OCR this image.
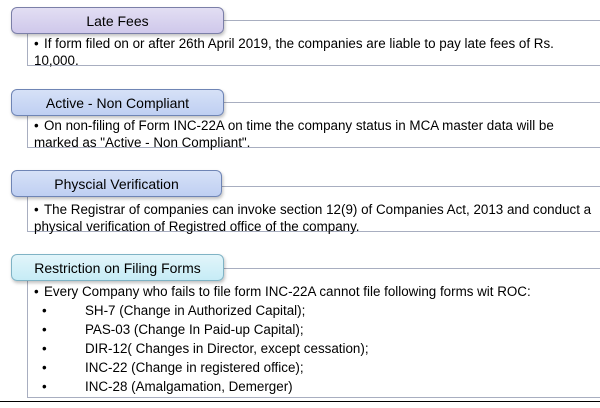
• If form filed on or after 26th April 2019, the companies are liable to pay late fees of Rs. 10,000.
Late Fees
• On non-filing of Form INC-22A on time the company status in MCA master data will be marked as "Active - Non Compliant".
Active - Non Compliant
• The Registrar of companies can invoke section 12(9) of Companies Act, 2013 and conduct a physical verification of Registred office of the company.
Physcial Verification
• Every Company who fails to file form INC-22A cannot file following forms wit ROC:
Restriction on Filing Forms
•	SH-7 (Change in Authorized Capital);
•	PAS-03 (Change In Paid-up Capital);
•	DIR-12( Changes in Director, except cessation);
•	INC-22 (Change in registered office);
•	INC-28 (Amalgamation, Demerger)
